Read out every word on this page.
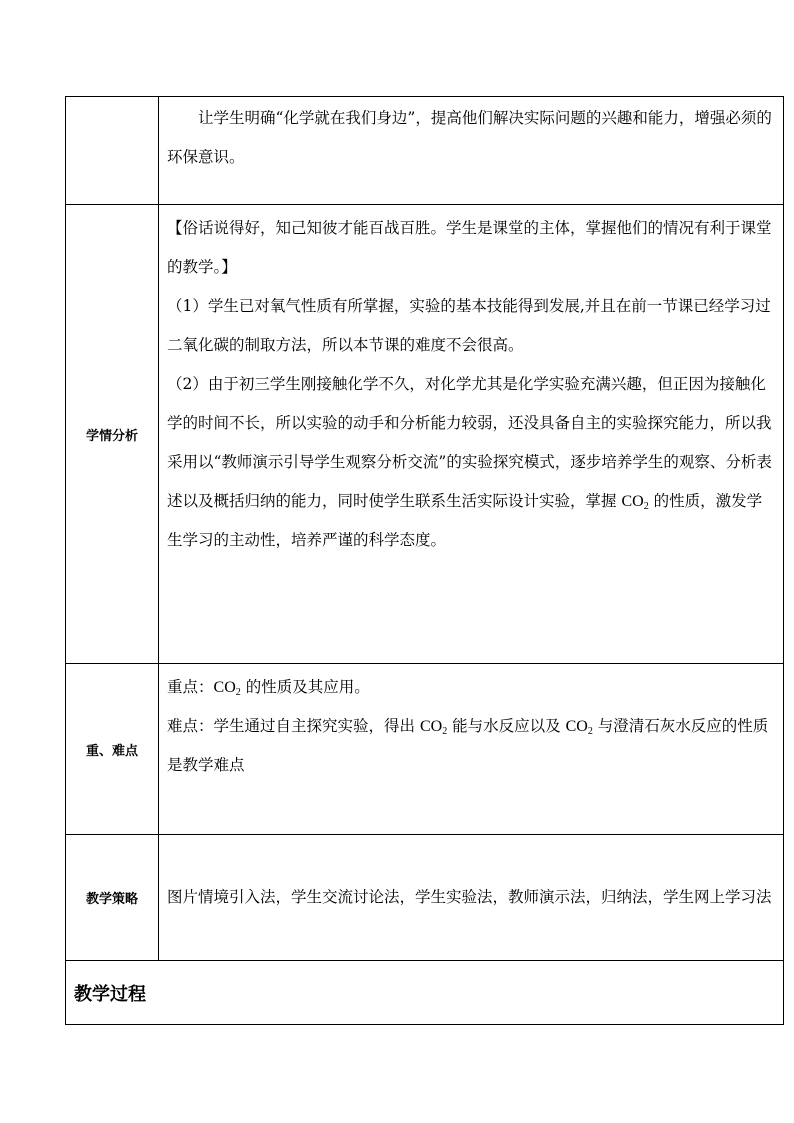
	让学生明确“化学就在我们身边”，提高他们解决实际问题的兴趣和能力，增强必须的环保意识。

学情分析	【俗话说得好，知己知彼才能百战百胜。学生是课堂的主体，掌握他们的情况有利于课堂的教学。】

（1）学生已对氧气性质有所掌握，实验的基本技能得到发展,并且在前一节课已经学习过二氧化碳的制取方法，所以本节课的难度不会很高。

（2）由于初三学生刚接触化学不久，对化学尤其是化学实验充满兴趣，但正因为接触化学的时间不长，所以实验的动手和分析能力较弱，还没具备自主的实验探究能力，所以我采用以“教师演示引导学生观察分析交流”的实验探究模式，逐步培养学生的观察、分析表述以及概括归纳的能力，同时使学生联系生活实际设计实验，掌握 $CO_2$ 的性质，激发学生学习的主动性，培养严谨的科学态度。

重、难点	重点：$CO_2$ 的性质及其应用。

难点：学生通过自主探究实验，得出 $CO_2$ 能与水反应以及 $CO_2$ 与澄清石灰水反应的性质是教学难点

教学策略	图片情境引入法，学生交流讨论法，学生实验法，教师演示法，归纳法，学生网上学习法

教学过程	
